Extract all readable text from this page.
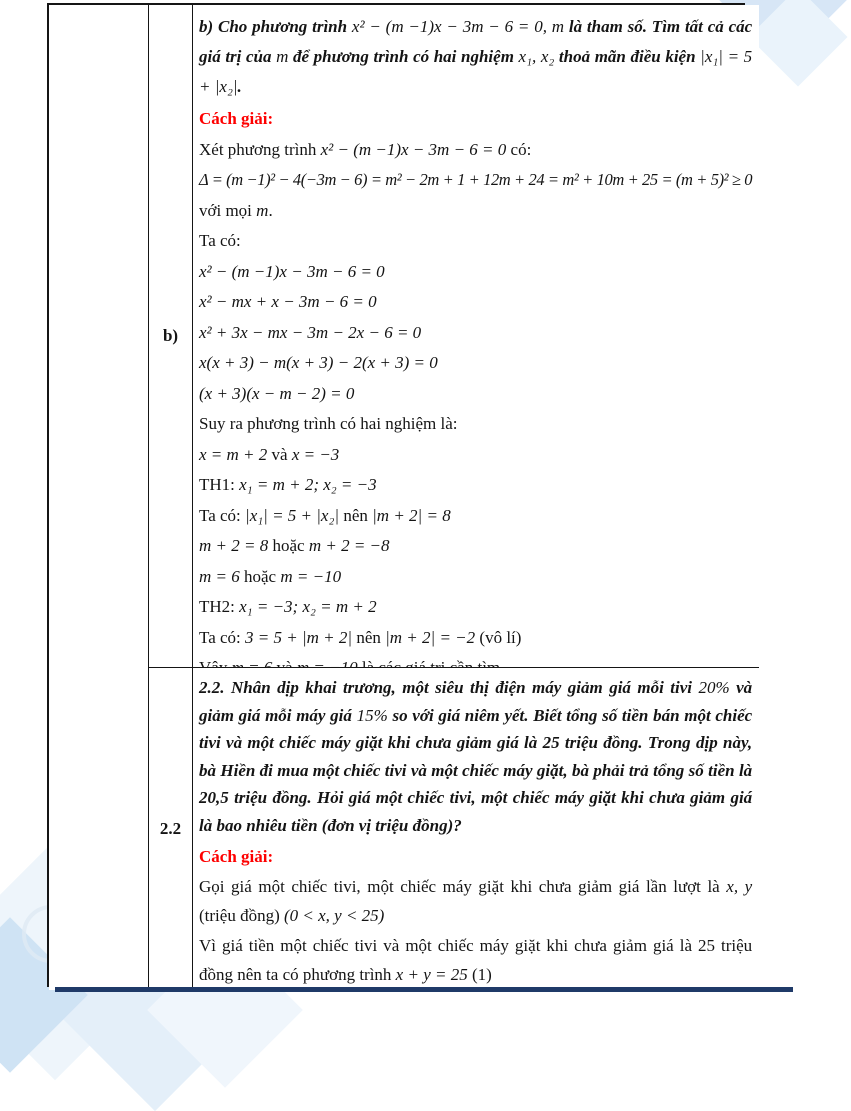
b)
b) Cho phương trình x² − (m −1)x − 3m − 6 = 0, m là tham số. Tìm tất cả các giá trị của m để phương trình có hai nghiệm x₁, x₂ thoả mãn điều kiện |x₁| = 5 + |x₂|.
Cách giải:
Xét phương trình x² − (m −1)x − 3m − 6 = 0 có:
Δ = (m −1)² − 4(−3m − 6) = m² − 2m + 1 + 12m + 24 = m² + 10m + 25 = (m + 5)² ≥ 0
với mọi m.
Ta có:
x² − (m −1)x − 3m − 6 = 0
x² − mx + x − 3m − 6 = 0
x² + 3x − mx − 3m − 2x − 6 = 0
x(x + 3) − m(x + 3) − 2(x + 3) = 0
(x + 3)(x − m − 2) = 0
Suy ra phương trình có hai nghiệm là:
x = m + 2 và x = −3
TH1: x₁ = m + 2; x₂ = −3
Ta có: |x₁| = 5 + |x₂| nên |m + 2| = 8
m + 2 = 8 hoặc m + 2 = −8
m = 6 hoặc m = −10
TH2: x₁ = −3; x₂ = m + 2
Ta có: 3 = 5 + |m + 2| nên |m + 2| = −2 (vô lí)
2.2
2.2. Nhân dịp khai trương, một siêu thị điện máy giảm giá mỗi tivi 20% và giảm giá mỗi máy giá 15% so với giá niêm yết. Biết tổng số tiền bán một chiếc tivi và một chiếc máy giặt khi chưa giảm giá là 25 triệu đồng. Trong dịp này, bà Hiền đi mua một chiếc tivi và một chiếc máy giặt, bà phải trả tổng số tiền là 20,5 triệu đồng. Hỏi giá một chiếc tivi, một chiếc máy giặt khi chưa giảm giá là bao nhiêu tiền (đơn vị triệu đồng)?
Cách giải:
Gọi giá một chiếc tivi, một chiếc máy giặt khi chưa giảm giá lần lượt là x, y (triệu đồng) (0 < x, y < 25)
Vì giá tiền một chiếc tivi và một chiếc máy giặt khi chưa giảm giá là 25 triệu đồng nên ta có phương trình x + y = 25 (1)
